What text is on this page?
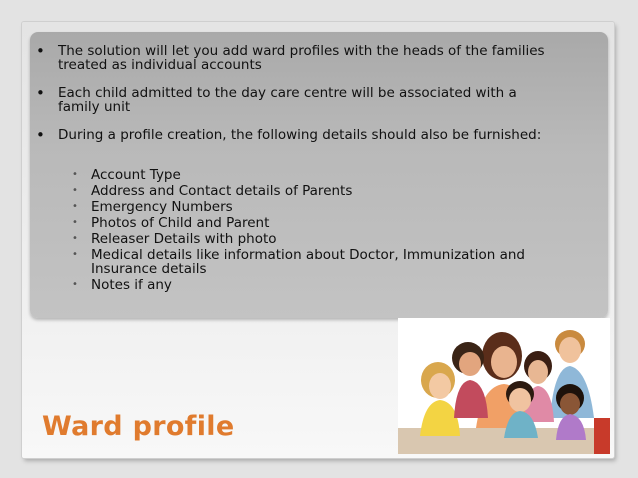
• The solution will let you add ward profiles with the heads of the families
treated as individual accounts
• Each child admitted to the day care centre will be associated with a
family unit
• During a profile creation, the following details should also be furnished:
• Account Type
• Address and Contact details of Parents
• Emergency Numbers
• Photos of Child and Parent
• Releaser Details with photo
• Medical details like information about Doctor, Immunization and
Insurance details
• Notes if any
Ward profile
